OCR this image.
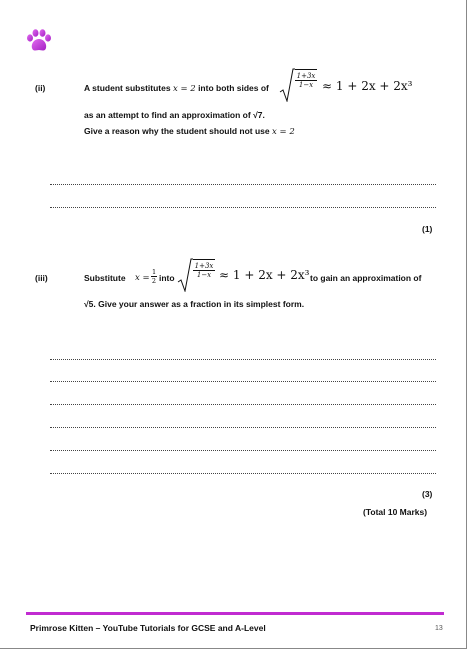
(ii)	A student substitutes x = 2 into both sides of	$\frac{1+3x}{1-x} \approx 1 + 2x + 2x^3$
as an attempt to find an approximation of √7.
Give a reason why the student should not use x = 2
(1)
(iii)	Substitute $x = \frac{1}{2}$ into	$\frac{1+3x}{1-x} \approx 1 + 2x + 2x^3$ to gain an approximation of
√5. Give your answer as a fraction in its simplest form.
(3)
(Total 10 Marks)
Primrose Kitten – YouTube Tutorials for GCSE and A-Level	13
